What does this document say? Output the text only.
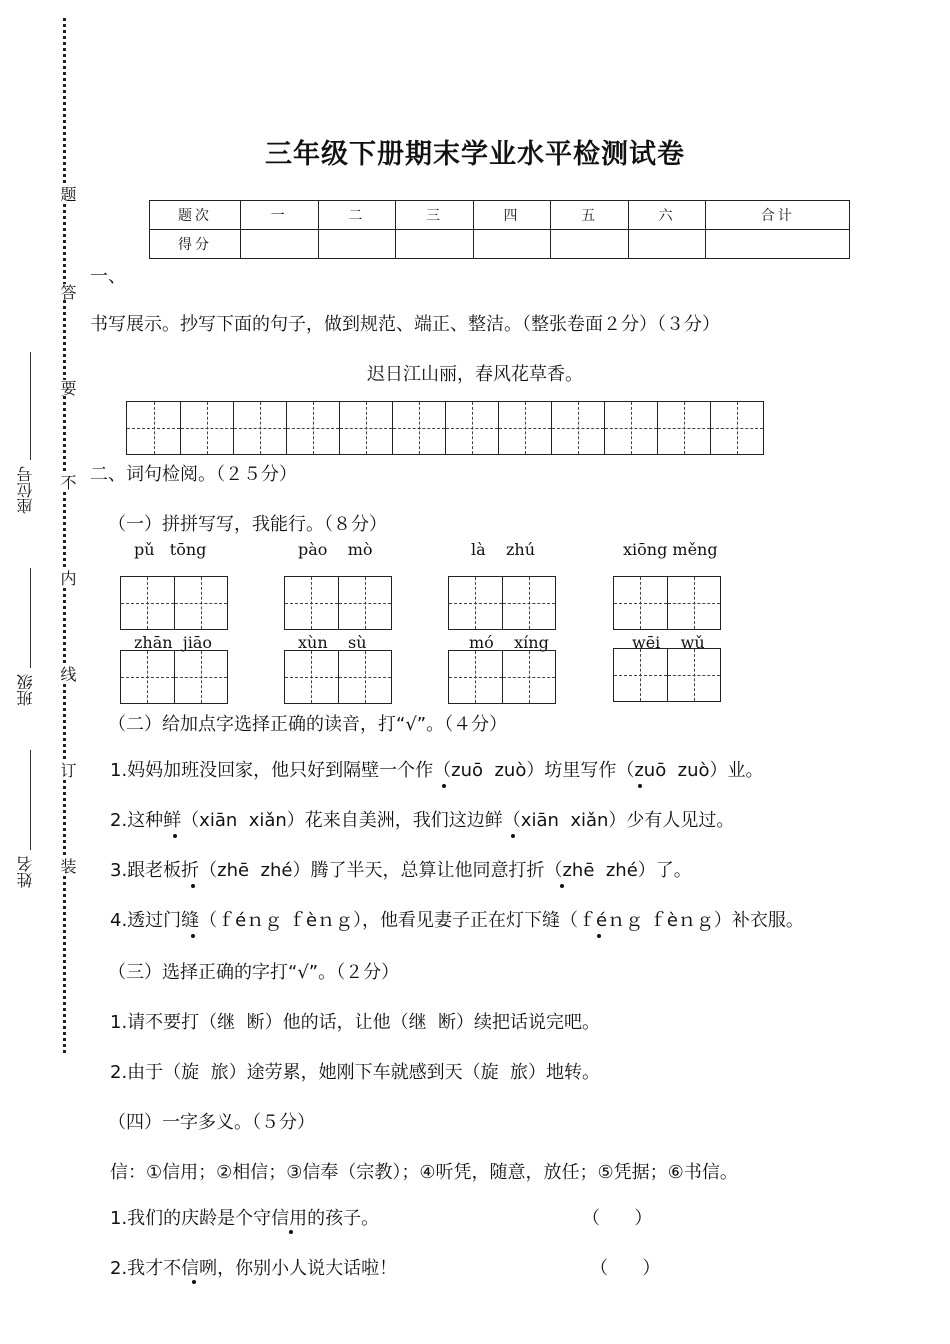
题
答
要
不
内
线
订
装
座位号
班级
姓名
三年级下册期末学业水平检测试卷
题次	一	二	三	四	五	六	合计
得分							
一、
书写展示。抄写下面的句子，做到规范、端正、整洁。（整张卷面２分）（３分）
迟日江山丽，春风花草香。
二、词句检阅。（２５分）
（一）拼拼写写，我能行。（８分）
pǔ   tōng	pào    mò	là    zhú	xiōng měng
zhān  jiāo	xùn    sù	mó    xíng	wēi    wǔ
（二）给加点字选择正确的读音，打“√”。（４分）
1.妈妈加班没回家，他只好到隔壁一个作（zuō  zuò）坊里写作（zuō  zuò）业。
2.这种鲜（xiān  xiǎn）花来自美洲，我们这边鲜（xiān  xiǎn）少有人见过。
3.跟老板折（zhē  zhé）腾了半天，总算让他同意打折（zhē  zhé）了。
4.透过门缝（ｆéｎｇ ｆèｎｇ），他看见妻子正在灯下缝（ｆéｎｇ ｆèｎｇ）补衣服。
（三）选择正确的字打“√”。（２分）
1.请不要打（继  断）他的话，让他（继  断）续把话说完吧。
2.由于（旋  旅）途劳累，她刚下车就感到天（旋  旅）地转。
（四）一字多义。（５分）
信：①信用；②相信；③信奉（宗教）；④听凭，随意，放任；⑤凭据；⑥书信。
1.我们的庆龄是个守信用的孩子。	（      ）
2.我才不信咧，你别小人说大话啦！	（      ）
